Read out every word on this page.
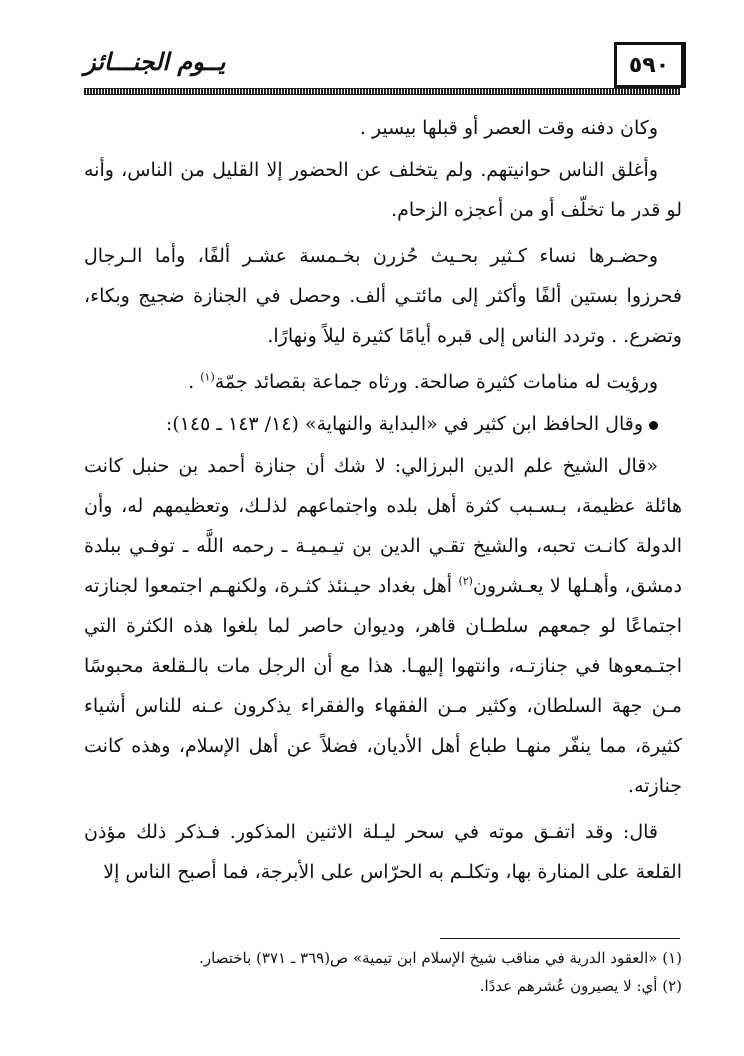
٥٩٠
يــوم الجنـــائز

وكان دفنه وقت العصر أو قبلها بيسير .

وأغلق الناس حوانيتهم. ولم يتخلف عن الحضور إلا القليل من الناس، وأنه لو قدر ما تخلّف أو من أعجزه الزحام.

وحضـرها نساء كـثير بحـيث حُزرن بخـمسة عشـر ألفًا، وأما الـرجال فحرزوا بستين ألفًا وأكثر إلى مائتـي ألف. وحصل في الجنازة ضجيج وبكاء، وتضرع. . وتردد الناس إلى قبره أيامًا كثيرة ليلاً ونهارًا.

ورؤيت له منامات كثيرة صالحة. ورثاه جماعة بقصائد جمّة$^{(١)}$ .

وقال الحافظ ابن كثير في «البداية والنهاية» (١٤/ ١٤٣ ـ ١٤٥):

«قال الشيخ علم الدين البرزالي: لا شك أن جنازة أحمد بن حنبل كانت هائلة عظيمة، بـسـبب كثرة أهل بلده واجتماعهم لذلـك، وتعظيمهم له، وأن الدولة كانـت تحبه، والشيخ تقـي الدين بن تيـميـة ـ رحمه اللَّه ـ توفـي ببلدة دمشق، وأهـلها لا يعـشرون$^{(٢)}$ أهل بغداد حيـنئذ كثـرة، ولكنهـم اجتمعوا لجنازته اجتماعًا لو جمعهم سلطـان قاهر، وديوان حاصر لما بلغوا هذه الكثرة التي اجتـمعوها في جنازتـه، وانتهوا إليهـا. هذا مع أن الرجل مات بالـقلعة محبوسًا مـن جهة السلطان، وكثير مـن الفقهاء والفقراء يذكرون عـنه للناس أشياء كثيرة، مما ينفّر منهـا طباع أهل الأديان، فضلاً عن أهل الإسلام، وهذه كانت جنازته.

قال: وقد اتفـق موته في سحر ليـلة الاثنين المذكور. فـذكر ذلك مؤذن القلعة على المنارة بها، وتكلـم به الحرّاس على الأبرجة، فما أصبح الناس إلا

(١) «العقود الدرية في مناقب شيخ الإسلام ابن تيمية» ص(٣٦٩ ـ ٣٧١) باختصار.
(٢) أي: لا يصيرون عُشرهم عددًا.
